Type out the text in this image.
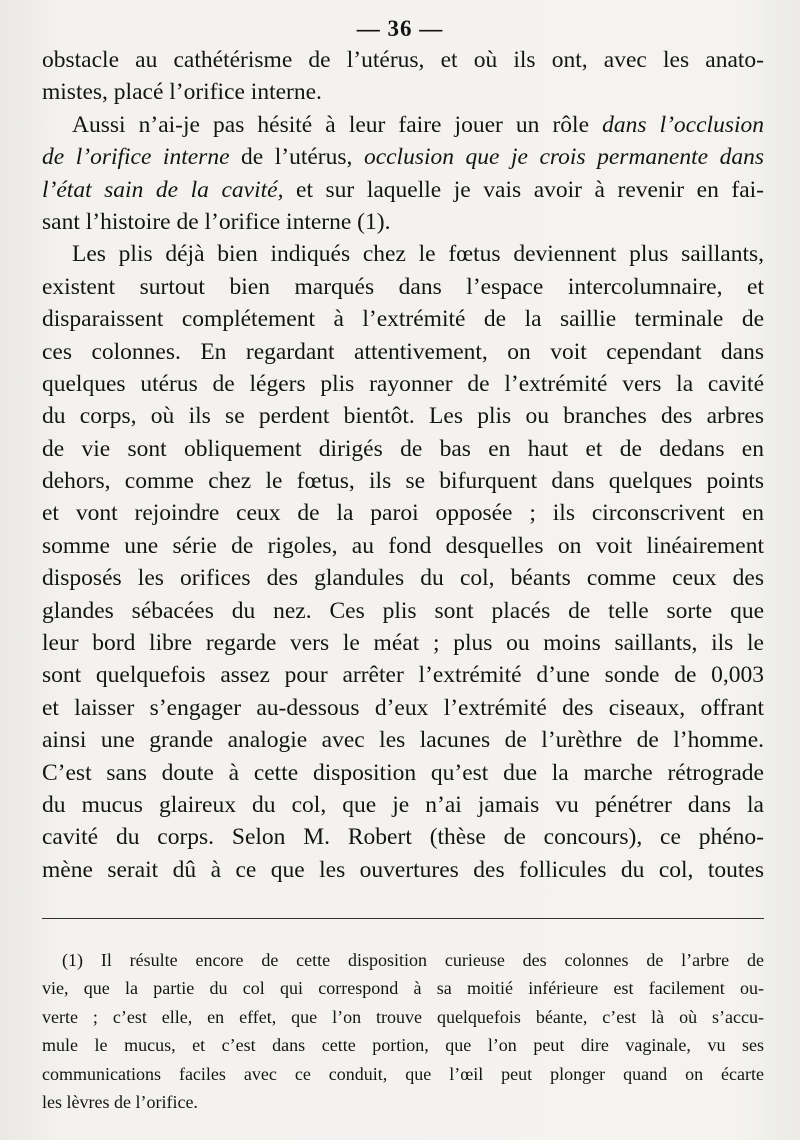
— 36 —
obstacle au cathétérisme de l’utérus, et où ils ont, avec les anato-
mistes, placé l’orifice interne.
Aussi n’ai-je pas hésité à leur faire jouer un rôle dans l’occlusion
de l’orifice interne de l’utérus, occlusion que je crois permanente dans
l’état sain de la cavité, et sur laquelle je vais avoir à revenir en fai-
sant l’histoire de l’orifice interne (1).
Les plis déjà bien indiqués chez le fœtus deviennent plus saillants,
existent surtout bien marqués dans l’espace intercolumnaire, et
disparaissent complétement à l’extrémité de la saillie terminale de
ces colonnes. En regardant attentivement, on voit cependant dans
quelques utérus de légers plis rayonner de l’extrémité vers la cavité
du corps, où ils se perdent bientôt. Les plis ou branches des arbres
de vie sont obliquement dirigés de bas en haut et de dedans en
dehors, comme chez le fœtus, ils se bifurquent dans quelques points
et vont rejoindre ceux de la paroi opposée ; ils circonscrivent en
somme une série de rigoles, au fond desquelles on voit linéairement
disposés les orifices des glandules du col, béants comme ceux des
glandes sébacées du nez. Ces plis sont placés de telle sorte que
leur bord libre regarde vers le méat ; plus ou moins saillants, ils le
sont quelquefois assez pour arrêter l’extrémité d’une sonde de 0,003
et laisser s’engager au-dessous d’eux l’extrémité des ciseaux, offrant
ainsi une grande analogie avec les lacunes de l’urèthre de l’homme.
C’est sans doute à cette disposition qu’est due la marche rétrograde
du mucus glaireux du col, que je n’ai jamais vu pénétrer dans la
cavité du corps. Selon M. Robert (thèse de concours), ce phéno-
mène serait dû à ce que les ouvertures des follicules du col, toutes
(1) Il résulte encore de cette disposition curieuse des colonnes de l’arbre de
vie, que la partie du col qui correspond à sa moitié inférieure est facilement ou-
verte ; c’est elle, en effet, que l’on trouve quelquefois béante, c’est là où s’accu-
mule le mucus, et c’est dans cette portion, que l’on peut dire vaginale, vu ses
communications faciles avec ce conduit, que l’œil peut plonger quand on écarte
les lèvres de l’orifice.
